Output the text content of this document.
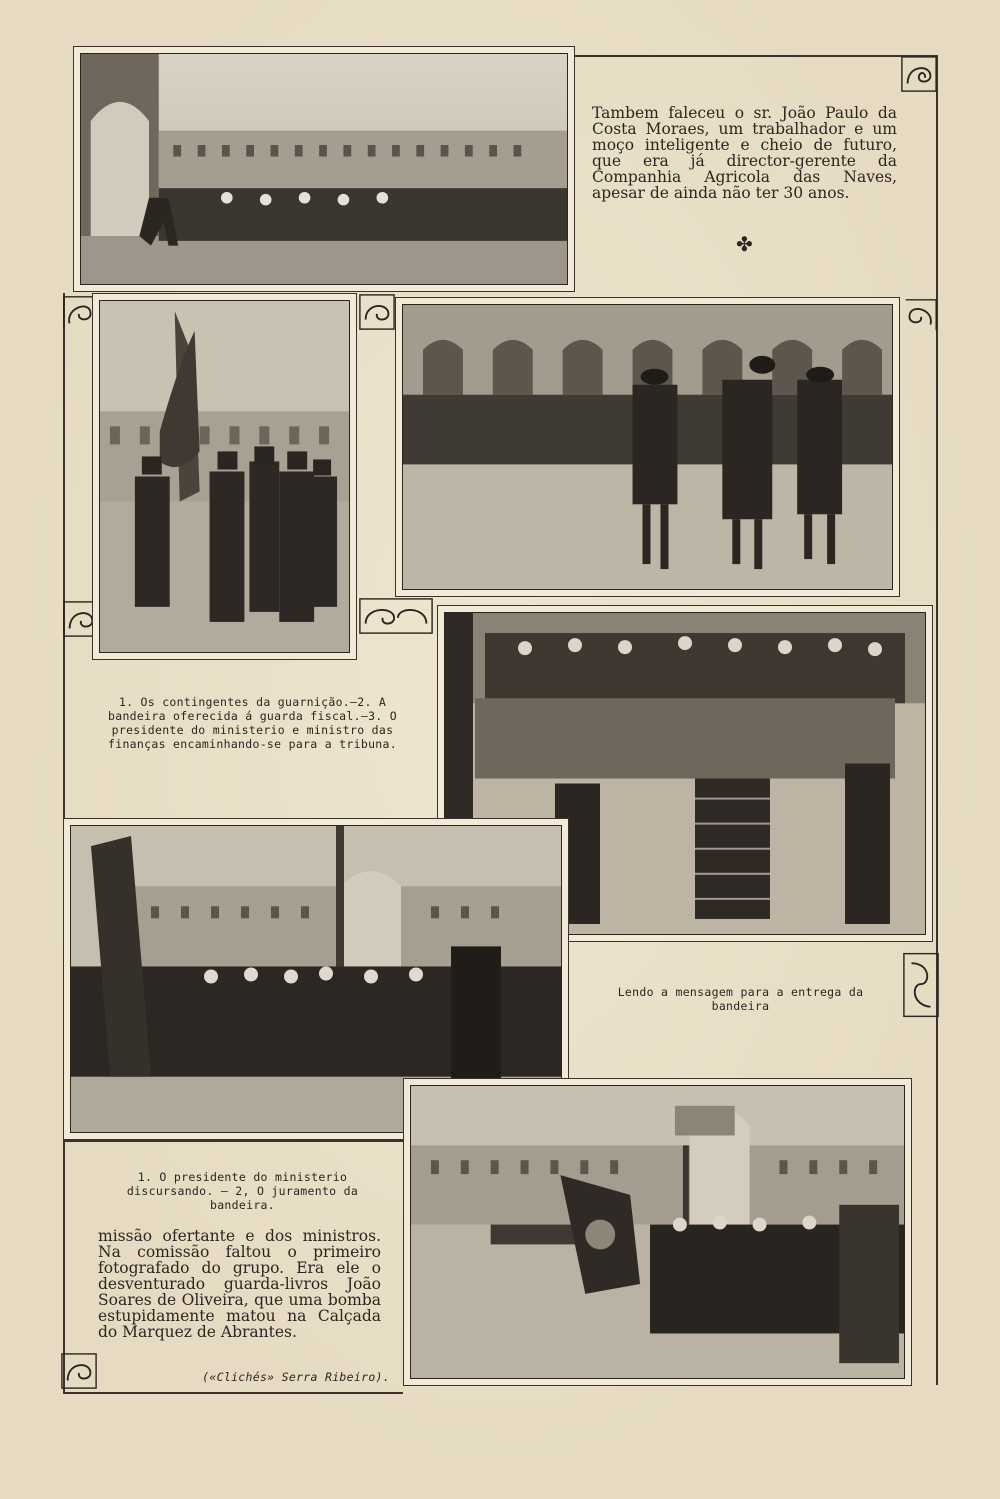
Tambem faleceu o sr. João Paulo da Costa Moraes, um trabalhador e um moço inteligente e cheio de futuro, que era já director-gerente da Companhia Agricola das Naves, apesar de ainda não ter 30 anos.
✤
1. Os contingentes da guarnição.—2. A bandeira oferecida á guarda fiscal.—3. O presidente do ministerio e ministro das finanças encaminhando-se para a tribuna.
Lendo a mensagem para a entrega da bandeira
1. O presidente do ministerio discursando. — 2, O juramento da bandeira.
missão ofertante e dos ministros. Na comissão faltou o primeiro fotografado do grupo. Era ele o desventurado guarda-livros João Soares de Oliveira, que uma bomba estupidamente matou na Calçada do Marquez de Abrantes.
(«Clichés» Serra Ribeiro).
